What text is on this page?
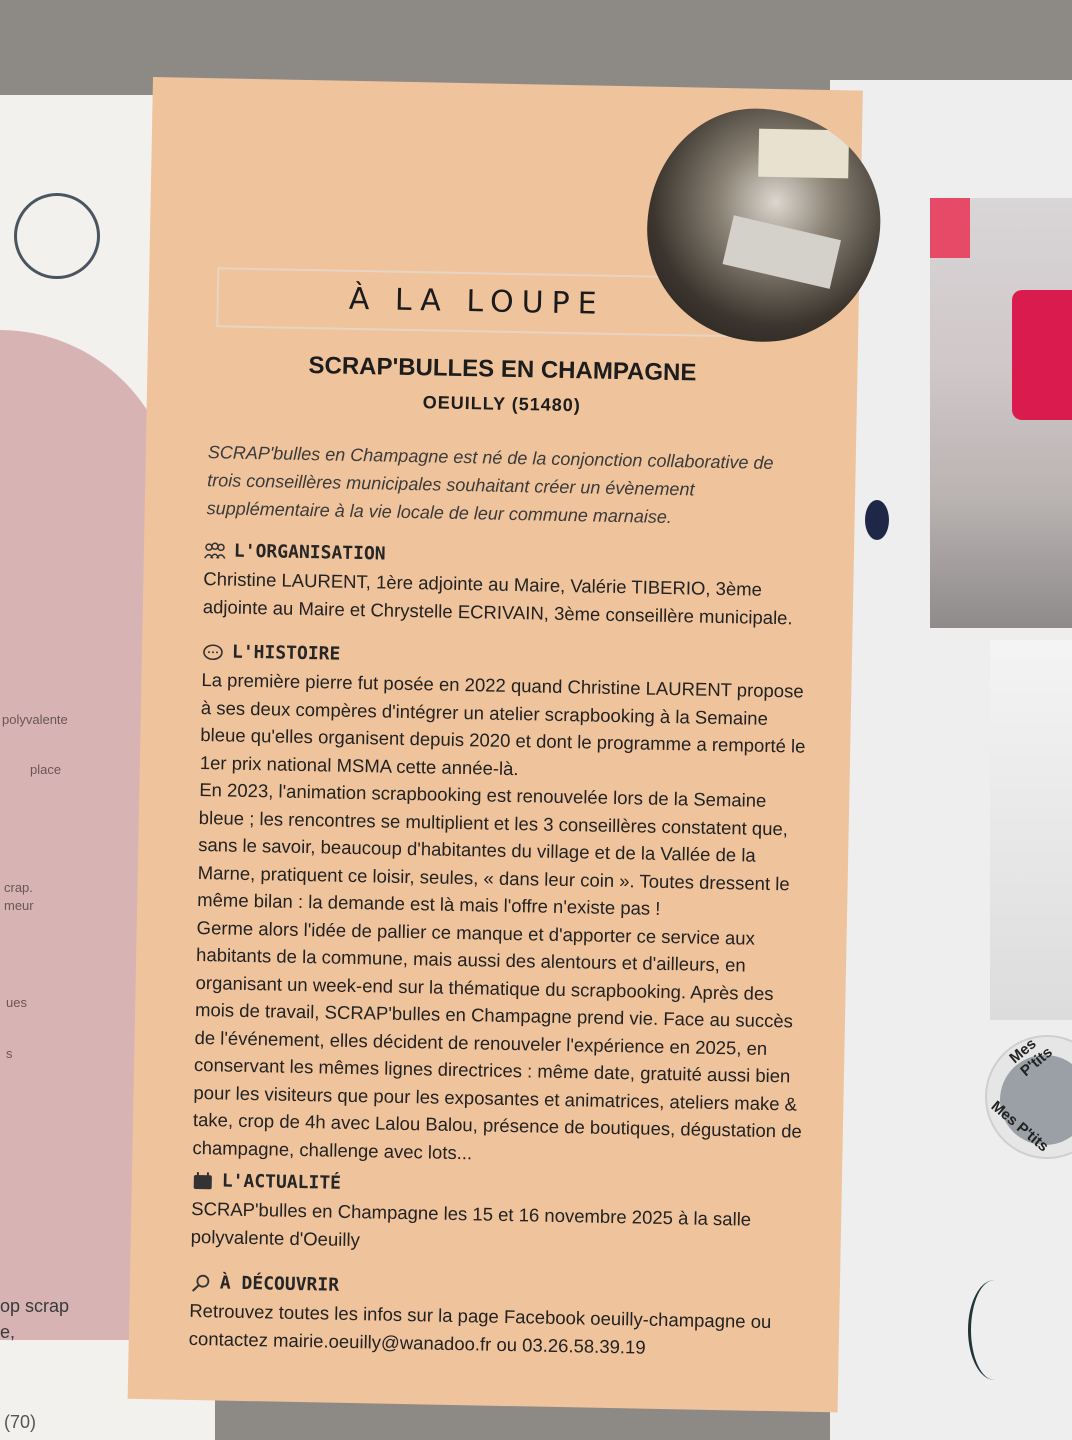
polyvalente
place
crap.
meur
ues
s
op scrap
e,
(70)
Mes P'tits
Mes P'tits
À LA LOUPE
SCRAP'BULLES EN CHAMPAGNE
OEUILLY (51480)
SCRAP'bulles en Champagne est né de la conjonction collaborative de trois conseillères municipales souhaitant créer un évènement supplémentaire à la vie locale de leur commune marnaise.
L'ORGANISATION
Christine LAURENT, 1ère adjointe au Maire, Valérie TIBERIO, 3ème adjointe au Maire et Chrystelle ECRIVAIN, 3ème conseillère municipale.
L'HISTOIRE
La première pierre fut posée en 2022 quand Christine LAURENT propose à ses deux compères d'intégrer un atelier scrapbooking à la Semaine bleue qu'elles organisent depuis 2020 et dont le programme a remporté le 1er prix national MSMA cette année-là.
En 2023, l'animation scrapbooking est renouvelée lors de la Semaine bleue ; les rencontres se multiplient et les 3 conseillères constatent que, sans le savoir, beaucoup d'habitantes du village et de la Vallée de la Marne, pratiquent ce loisir, seules, « dans leur coin ». Toutes dressent le même bilan : la demande est là mais l'offre n'existe pas !
Germe alors l'idée de pallier ce manque et d'apporter ce service aux habitants de la commune, mais aussi des alentours et d'ailleurs, en organisant un week-end sur la thématique du scrapbooking. Après des mois de travail, SCRAP'bulles en Champagne prend vie. Face au succès de l'événement, elles décident de renouveler l'expérience en 2025, en conservant les mêmes lignes directrices : même date, gratuité aussi bien pour les visiteurs que pour les exposantes et animatrices, ateliers make & take, crop de 4h avec Lalou Balou, présence de boutiques, dégustation de champagne, challenge avec lots...
L'ACTUALITÉ
SCRAP'bulles en Champagne les 15 et 16 novembre 2025 à la salle polyvalente d'Oeuilly
À DÉCOUVRIR
Retrouvez toutes les infos sur la page Facebook oeuilly-champagne ou contactez mairie.oeuilly@wanadoo.fr ou 03.26.58.39.19
